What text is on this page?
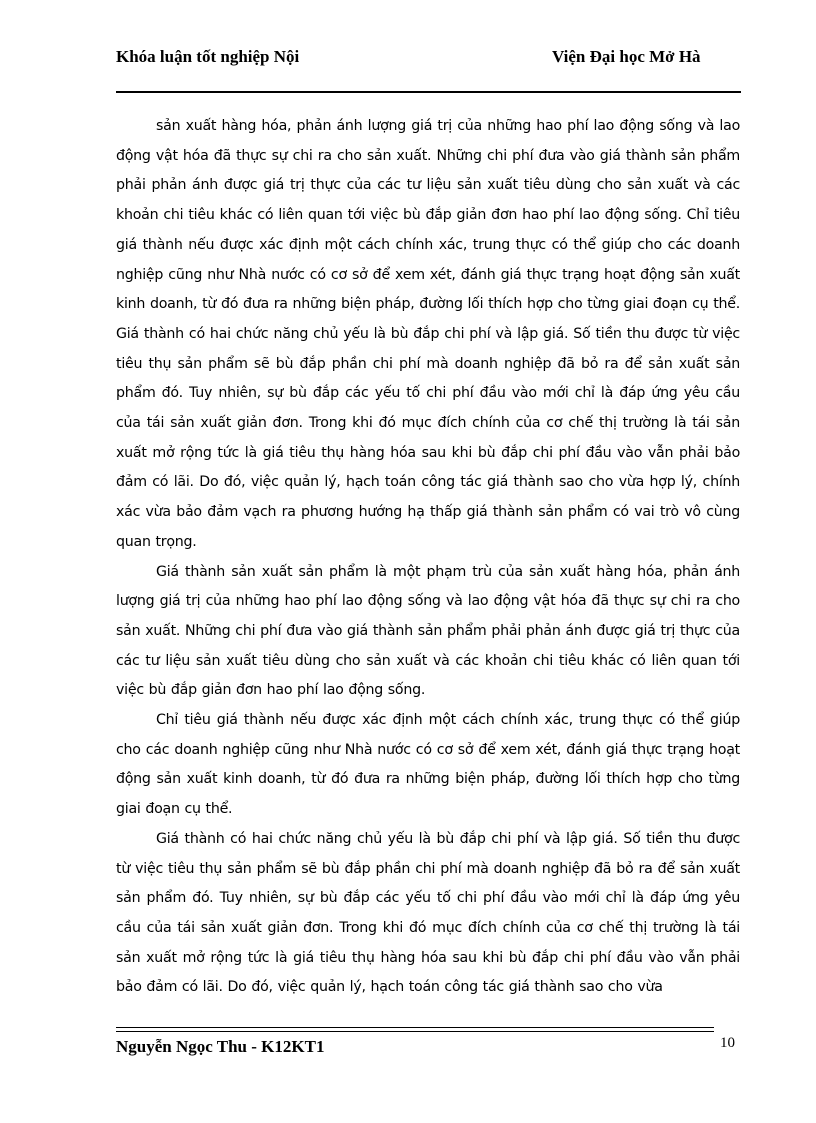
Khóa luận tốt nghiệp Nội	Viện Đại học Mở Hà

sản xuất hàng hóa, phản ánh lượng giá trị của những hao phí lao động sống và lao động vật hóa đã thực sự chi ra cho sản xuất. Những chi phí đưa vào giá thành sản phẩm phải phản ánh được giá trị thực của các tư liệu sản xuất tiêu dùng cho sản xuất và các khoản chi tiêu khác có liên quan tới việc bù đắp giản đơn hao phí lao động sống. Chỉ tiêu giá thành nếu được xác định một cách chính xác, trung thực có thể giúp cho các doanh nghiệp cũng như Nhà nước có cơ sở để xem xét, đánh giá thực trạng hoạt động sản xuất kinh doanh, từ đó đưa ra những biện pháp, đường lối thích hợp cho từng giai đoạn cụ thể. Giá thành có hai chức năng chủ yếu là bù đắp chi phí và lập giá. Số tiền thu được từ việc tiêu thụ sản phẩm sẽ bù đắp phần chi phí mà doanh nghiệp đã bỏ ra để sản xuất sản phẩm đó. Tuy nhiên, sự bù đắp các yếu tố chi phí đầu vào mới chỉ là đáp ứng yêu cầu của tái sản xuất giản đơn. Trong khi đó mục đích chính của cơ chế thị trường là tái sản xuất mở rộng tức là giá tiêu thụ hàng hóa sau khi bù đắp chi phí đầu vào vẫn phải bảo đảm có lãi. Do đó, việc quản lý, hạch toán công tác giá thành sao cho vừa hợp lý, chính xác vừa bảo đảm vạch ra phương hướng hạ thấp giá thành sản phẩm có vai trò vô cùng quan trọng.

Giá thành sản xuất sản phẩm là một phạm trù của sản xuất hàng hóa, phản ánh lượng giá trị của những hao phí lao động sống và lao động vật hóa đã thực sự chi ra cho sản xuất. Những chi phí đưa vào giá thành sản phẩm phải phản ánh được giá trị thực của các tư liệu sản xuất tiêu dùng cho sản xuất và các khoản chi tiêu khác có liên quan tới việc bù đắp giản đơn hao phí lao động sống.

Chỉ tiêu giá thành nếu được xác định một cách chính xác, trung thực có thể giúp cho các doanh nghiệp cũng như Nhà nước có cơ sở để xem xét, đánh giá thực trạng hoạt động sản xuất kinh doanh, từ đó đưa ra những biện pháp, đường lối thích hợp cho từng giai đoạn cụ thể.

Giá thành có hai chức năng chủ yếu là bù đắp chi phí và lập giá. Số tiền thu được từ việc tiêu thụ sản phẩm sẽ bù đắp phần chi phí mà doanh nghiệp đã bỏ ra để sản xuất sản phẩm đó. Tuy nhiên, sự bù đắp các yếu tố chi phí đầu vào mới chỉ là đáp ứng yêu cầu của tái sản xuất giản đơn. Trong khi đó mục đích chính của cơ chế thị trường là tái sản xuất mở rộng tức là giá tiêu thụ hàng hóa sau khi bù đắp chi phí đầu vào vẫn phải bảo đảm có lãi. Do đó, việc quản lý, hạch toán công tác giá thành sao cho vừa

Nguyễn Ngọc Thu - K12KT1	10
